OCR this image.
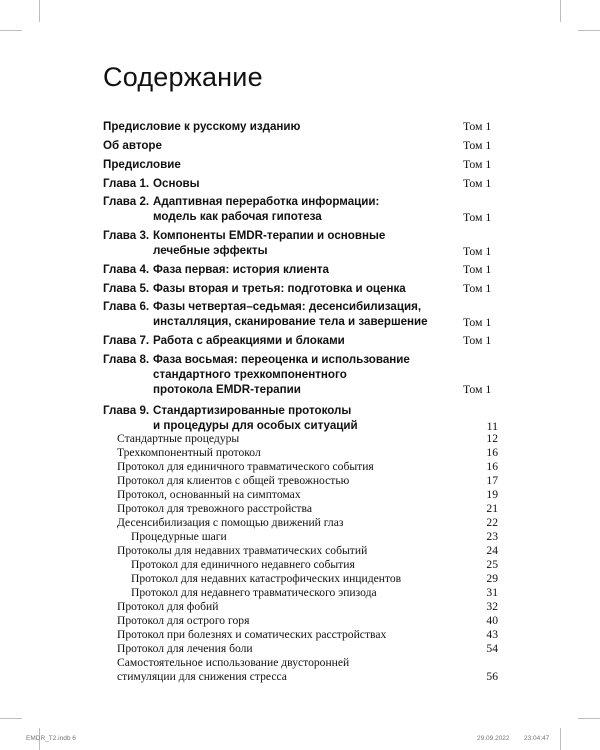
Содержание
Предисловие к русскому изданию	Том 1
Об авторе	Том 1
Предисловие	Том 1
Глава 1. Основы	Том 1
Глава 2. Адаптивная переработка информации:
модель как рабочая гипотеза	Том 1
Глава 3. Компоненты EMDR-терапии и основные
лечебные эффекты	Том 1
Глава 4. Фаза первая: история клиента	Том 1
Глава 5. Фазы вторая и третья: подготовка и оценка	Том 1
Глава 6. Фазы четвертая–седьмая: десенсибилизация,
инсталляция, сканирование тела и завершение	Том 1
Глава 7. Работа с абреакциями и блоками	Том 1
Глава 8. Фаза восьмая: переоценка и использование
стандартного трехкомпонентного
протокола EMDR-терапии	Том 1
Глава 9. Стандартизированные протоколы
и процедуры для особых ситуаций	11
Стандартные процедуры	12
Трехкомпонентный протокол	16
Протокол для единичного травматического события	16
Протокол для клиентов с общей тревожностью	17
Протокол, основанный на симптомах	19
Протокол для тревожного расстройства	21
Десенсибилизация с помощью движений глаз	22
Процедурные шаги	23
Протоколы для недавних травматических событий	24
Протокол для единичного недавнего события	25
Протокол для недавних катастрофических инцидентов	29
Протокол для недавнего травматического эпизода	31
Протокол для фобий	32
Протокол для острого горя	40
Протокол при болезнях и соматических расстройствах	43
Протокол для лечения боли	54
Самостоятельное использование двусторонней
стимуляции для снижения стресса	56
EMDR_T2.indb 6	29.09.2022 23:04:47
